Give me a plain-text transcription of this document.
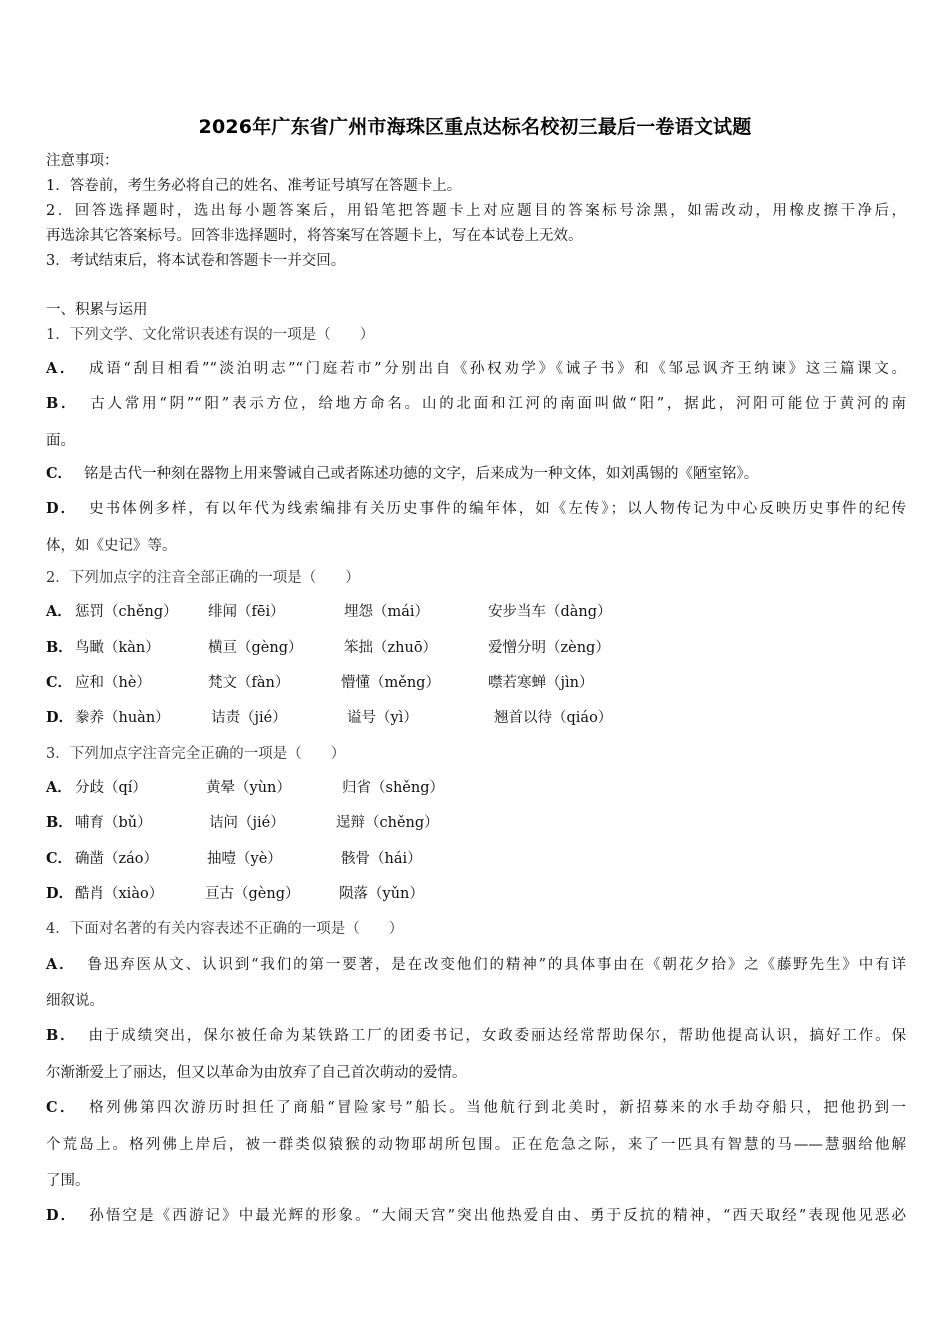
2026年广东省广州市海珠区重点达标名校初三最后一卷语文试题
注意事项：
1．答卷前，考生务必将自己的姓名、准考证号填写在答题卡上。
2．回答选择题时，选出每小题答案后，用铅笔把答题卡上对应题目的答案标号涂黑，如需改动，用橡皮擦干净后，
再选涂其它答案标号。回答非选择题时，将答案写在答题卡上，写在本试卷上无效。
3．考试结束后，将本试卷和答题卡一并交回。
一、积累与运用
1．下列文学、文化常识表述有误的一项是（　　）
A． 成语“刮目相看”“淡泊明志”“门庭若市”分别出自《孙权劝学》《诫子书》和《邹忌讽齐王纳谏》这三篇课文。
B． 古人常用“阴”“阳”表示方位，给地方命名。山的北面和江河的南面叫做“阳”，据此，河阳可能位于黄河的南
面。
C． 铭是古代一种刻在器物上用来警诫自己或者陈述功德的文字，后来成为一种文体，如刘禹锡的《陋室铭》。
D． 史书体例多样，有以年代为线索编排有关历史事件的编年体，如《左传》；以人物传记为中心反映历史事件的纪传
体，如《史记》等。
2．下列加点字的注音全部正确的一项是（　　）
A． 惩罚（chěng） 绯闻（fēi）	埋怨（mái）	安步当车（dàng）
B． 鸟瞰（kàn）	横亘（gèng）	笨拙（zhuō）	爱憎分明（zèng）
C． 应和（hè）	梵文（fàn）	懵懂（měng）	噤若寒蝉（jìn）
D． 豢养（huàn）	诘责（jié）	谥号（yì）	翘首以待（qiáo）
3．下列加点字注音完全正确的一项是（　　）
A． 分歧（qí）	黄晕（yùn）	归省（shěng）
B． 哺育（bǔ）	诘问（jié）	逞辩（chěng）
C． 确凿（záo）	抽噎（yè）	骸骨（hái）
D． 酷肖（xiào）	亘古（gèng）	陨落（yǔn）
4．下面对名著的有关内容表述不正确的一项是（　　）
A． 鲁迅弃医从文、认识到“我们的第一要著，是在改变他们的精神”的具体事由在《朝花夕拾》之《藤野先生》中有详
细叙说。
B． 由于成绩突出，保尔被任命为某铁路工厂的团委书记，女政委丽达经常帮助保尔，帮助他提高认识，搞好工作。保
尔渐渐爱上了丽达，但又以革命为由放弃了自己首次萌动的爱情。
C． 格列佛第四次游历时担任了商船“冒险家号”船长。当他航行到北美时，新招募来的水手劫夺船只，把他扔到一
个荒岛上。格列佛上岸后，被一群类似猿猴的动物耶胡所包围。正在危急之际，来了一匹具有智慧的马——慧骃给他解
了围。
D． 孙悟空是《西游记》中最光辉的形象。“大闹天宫”突出他热爱自由、勇于反抗的精神，“西天取经”表现他见恶必
